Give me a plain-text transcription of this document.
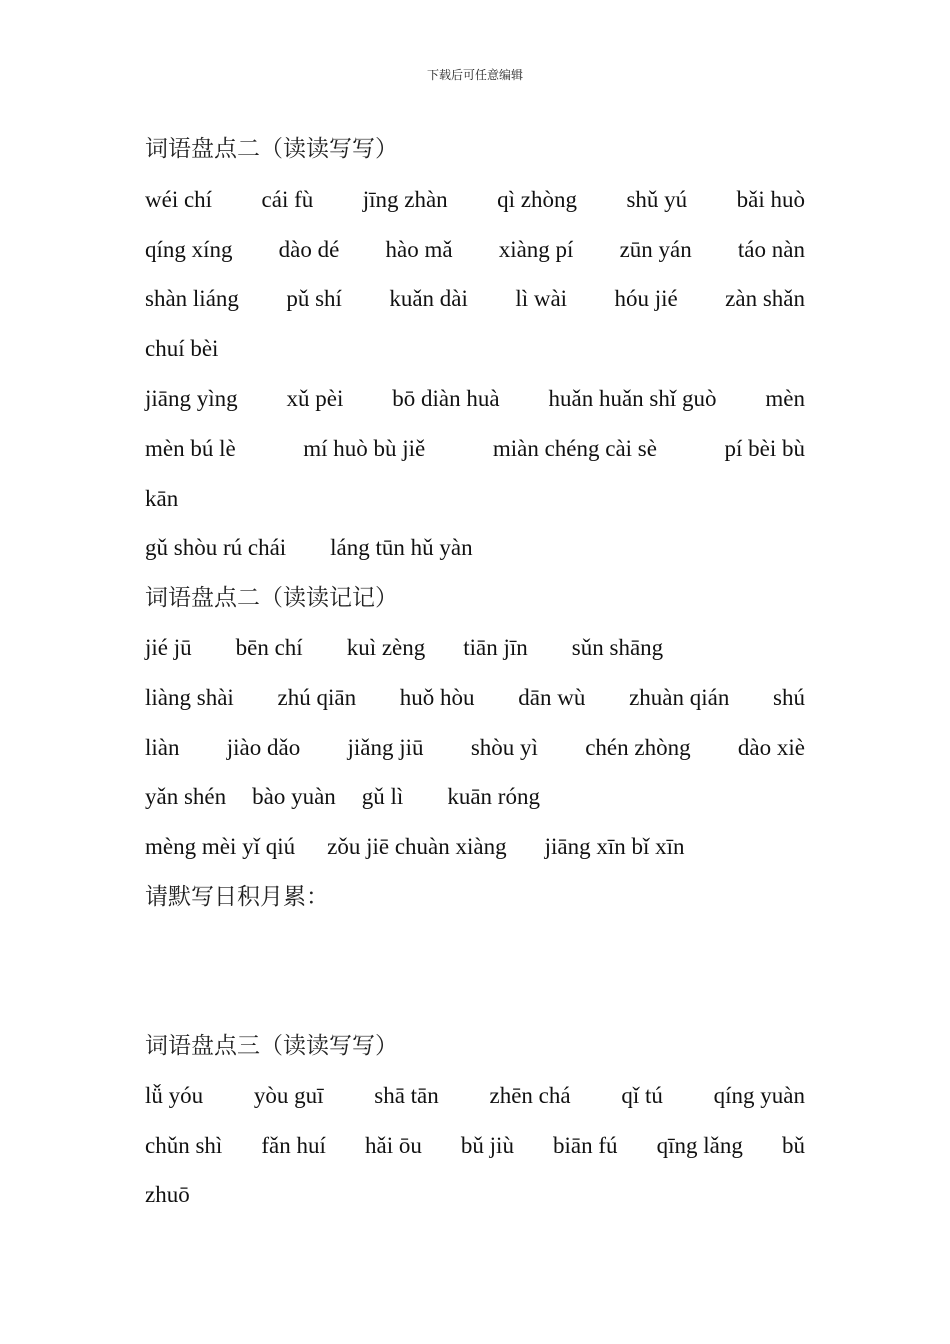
下载后可任意编辑
词语盘点二（读读写写）
wéi chí cái fù jīng zhàn qì zhòng shǔ yú bǎi huò
qíng xíng dào dé hào mǎ xiàng pí zūn yán táo nàn
shàn liáng pǔ shí kuǎn dài lì wài hóu jié zàn shǎn
chuí bèi
jiāng yìng xǔ pèi bō diàn huà huǎn huǎn shǐ guò mèn
mèn bú lè	mí huò bù jiě	miàn chéng cài sè	pí bèi bù
kān
gǔ shòu rú chái láng tūn hǔ yàn
词语盘点二（读读记记）
jié jū bēn chí kuì zèng tiān jīn sǔn shāng
liàng shài zhú qiān huǒ hòu dān wù zhuàn qián shú
liàn jiào dǎo jiǎng jiū shòu yì chén zhòng dào xiè
yǎn shén bào yuàn gǔ lì kuān róng
mèng mèi yǐ qiú zǒu jiē chuàn xiàng jiāng xīn bǐ xīn
请默写日积月累：
词语盘点三（读读写写）
lǚ yóu yòu guī shā tān zhēn chá qǐ tú qíng yuàn
chǔn shì fǎn huí hǎi ōu bǔ jiù biān fú qīng lǎng bǔ
zhuō
